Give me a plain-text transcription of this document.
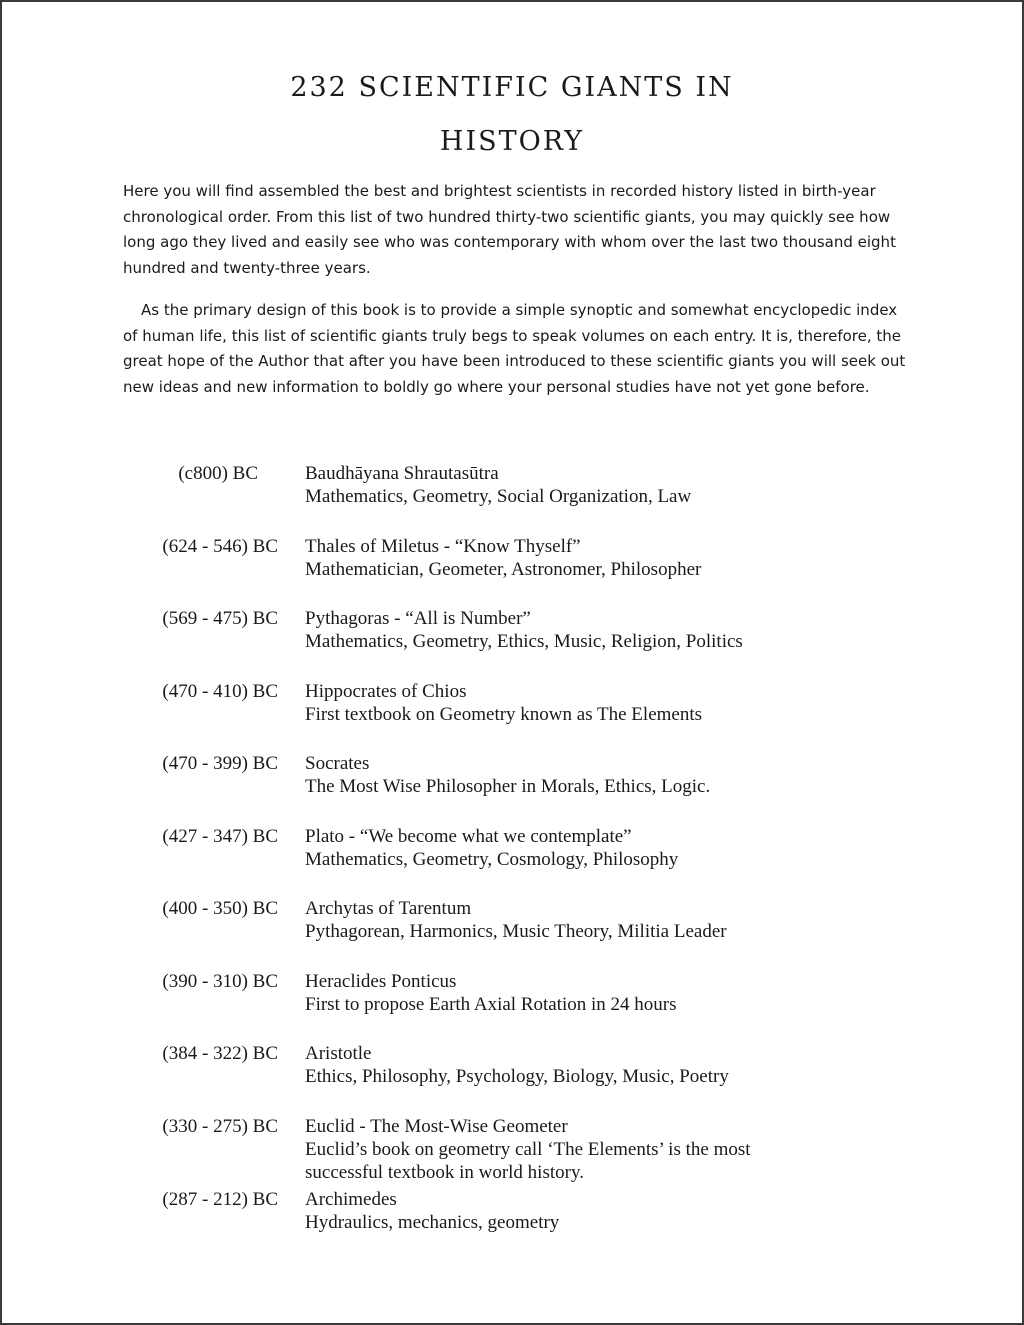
232 SCIENTIFIC GIANTS IN
HISTORY

Here you will find assembled the best and brightest scientists in recorded history listed in birth-year chronological order. From this list of two hundred thirty-two scientific giants, you may quickly see how long ago they lived and easily see who was contemporary with whom over the last two thousand eight hundred and twenty-three years.

As the primary design of this book is to provide a simple synoptic and somewhat encyclopedic index of human life, this list of scientific giants truly begs to speak volumes on each entry. It is, therefore, the great hope of the Author that after you have been introduced to these scientific giants you will seek out new ideas and new information to boldly go where your personal studies have not yet gone before.

(c800) BC Baudhāyana Shrautasūtra
Mathematics, Geometry, Social Organization, Law
(624 - 546) BC Thales of Miletus - “Know Thyself”
Mathematician, Geometer, Astronomer, Philosopher
(569 - 475) BC Pythagoras - “All is Number”
Mathematics, Geometry, Ethics, Music, Religion, Politics
(470 - 410) BC Hippocrates of Chios
First textbook on Geometry known as The Elements
(470 - 399) BC Socrates
The Most Wise Philosopher in Morals, Ethics, Logic.
(427 - 347) BC Plato - “We become what we contemplate”
Mathematics, Geometry, Cosmology, Philosophy
(400 - 350) BC Archytas of Tarentum
Pythagorean, Harmonics, Music Theory, Militia Leader
(390 - 310) BC Heraclides Ponticus
First to propose Earth Axial Rotation in 24 hours
(384 - 322) BC Aristotle
Ethics, Philosophy, Psychology, Biology, Music, Poetry
(330 - 275) BC Euclid - The Most-Wise Geometer
Euclid’s book on geometry call ‘The Elements’ is the most
successful textbook in world history.
(287 - 212) BC Archimedes
Hydraulics, mechanics, geometry
